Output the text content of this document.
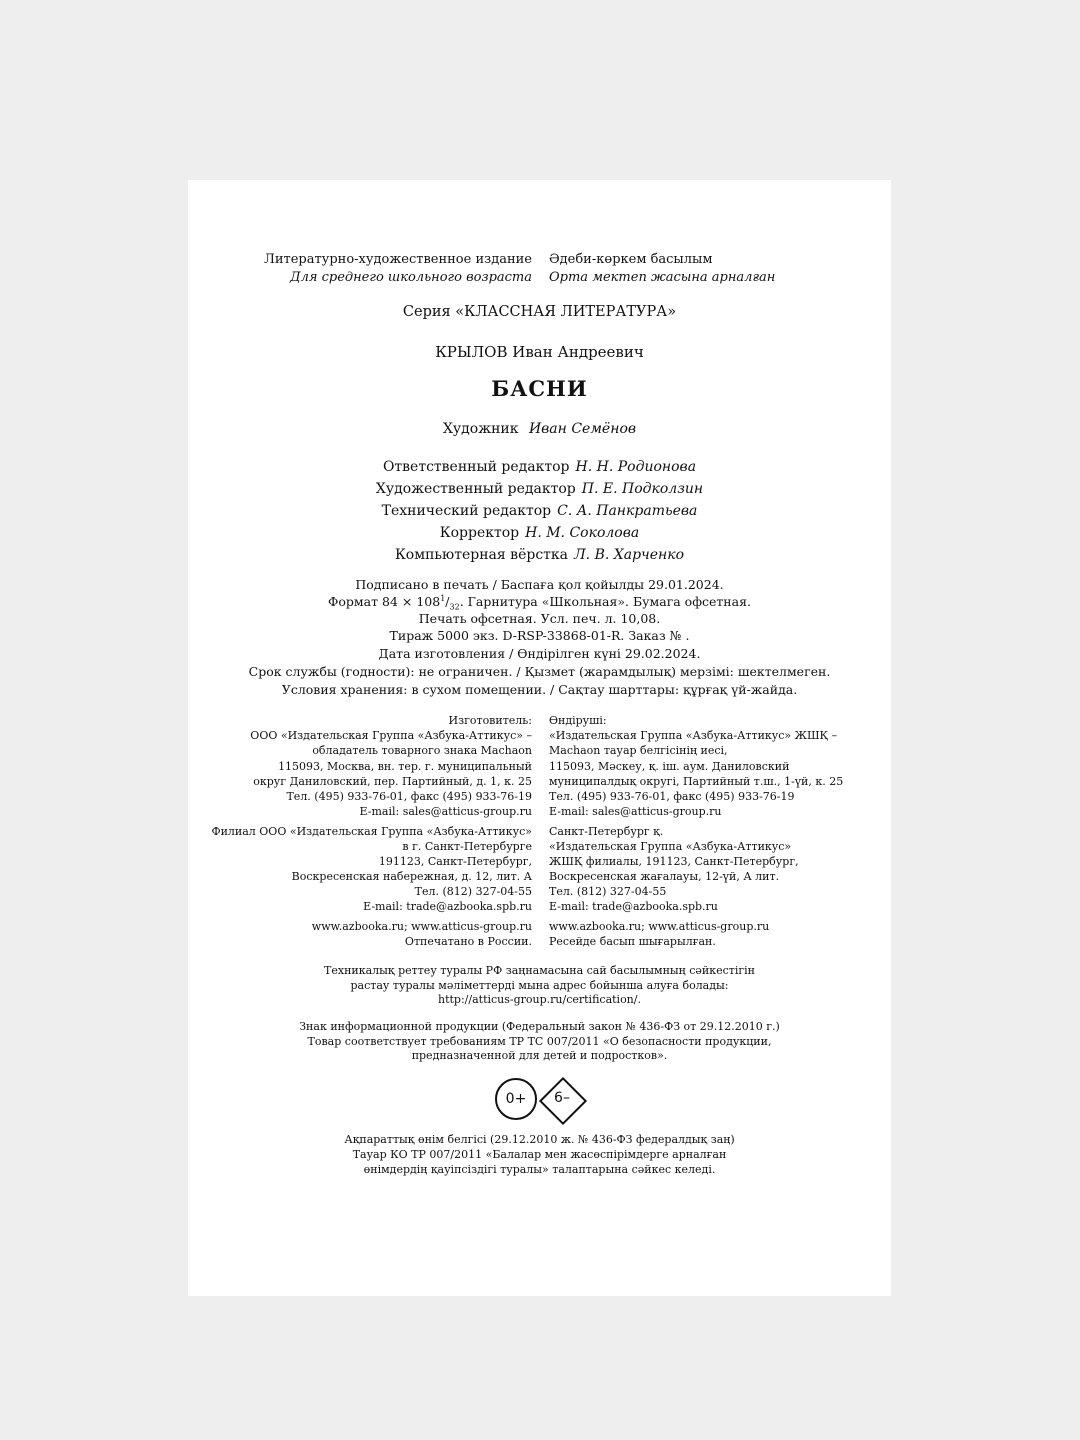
Литературно-художественное издание
Для среднего школьного возраста
Әдеби-көркем басылым
Орта мектеп жасына арналған
Серия «КЛАССНАЯ ЛИТЕРАТУРА»
КРЫЛОВ Иван Андреевич
БАСНИ
Художник Иван Семёнов
Ответственный редактор Н. Н. Родионова
Художественный редактор П. Е. Подколзин
Технический редактор С. А. Панкратьева
Корректор Н. М. Соколова
Компьютерная вёрстка Л. В. Харченко
Подписано в печать / Баспаға қол қойылды 29.01.2024.
Формат $84 \times 108^1/_{32}$. Гарнитура «Школьная». Бумага офсетная.
Печать офсетная. Усл. печ. л. 10,08.
Тираж 5000 экз. D-RSP-33868-01-R. Заказ № .
Дата изготовления / Өндірілген күні 29.02.2024.
Срок службы (годности): не ограничен. / Қызмет (жарамдылық) мерзімі: шектелмеген.
Условия хранения: в сухом помещении. / Сақтау шарттары: құрғақ үй-жайда.
Изготовитель:
ООО «Издательская Группа «Азбука-Аттикус» –
обладатель товарного знака Machaon
115093, Москва, вн. тер. г. муниципальный
округ Даниловский, пер. Партийный, д. 1, к. 25
Тел. (495) 933-76-01, факс (495) 933-76-19
E-mail: sales@atticus-group.ru
Өндіруші:
«Издательская Группа «Азбука-Аттикус» ЖШҚ –
Machaon тауар белгісінің иесі,
115093, Мәскеу, қ. іш. аум. Даниловский
муниципалдық округі, Партийный т.ш., 1-үй, к. 25
Тел. (495) 933-76-01, факс (495) 933-76-19
E-mail: sales@atticus-group.ru
Филиал ООО «Издательская Группа «Азбука-Аттикус»
в г. Санкт-Петербурге
191123, Санкт-Петербург,
Воскресенская набережная, д. 12, лит. А
Тел. (812) 327-04-55
E-mail: trade@azbooka.spb.ru
Санкт-Петербург қ.
«Издательская Группа «Азбука-Аттикус»
ЖШҚ филиалы, 191123, Санкт-Петербург,
Воскресенская жағалауы, 12-үй, А лит.
Тел. (812) 327-04-55
E-mail: trade@azbooka.spb.ru
www.azbooka.ru; www.atticus-group.ru
Отпечатано в России.
www.azbooka.ru; www.atticus-group.ru
Ресейде басып шығарылған.
Техникалық реттеу туралы РФ заңнамасына сай басылымның сәйкестігін
растау туралы мәліметтерді мына адрес бойынша алуға болады:
http://atticus-group.ru/certification/.
Знак информационной продукции (Федеральный закон № 436-ФЗ от 29.12.2010 г.)
Товар соответствует требованиям ТР ТС 007/2011 «О безопасности продукции,
предназначенной для детей и подростков».
0+	6–
Ақпараттық өнім белгісі (29.12.2010 ж. № 436-ФЗ федералдық заң)
Тауар КО ТР 007/2011 «Балалар мен жасөспірімдерге арналған
өнімдердің қауіпсіздігі туралы» талаптарына сәйкес келеді.
